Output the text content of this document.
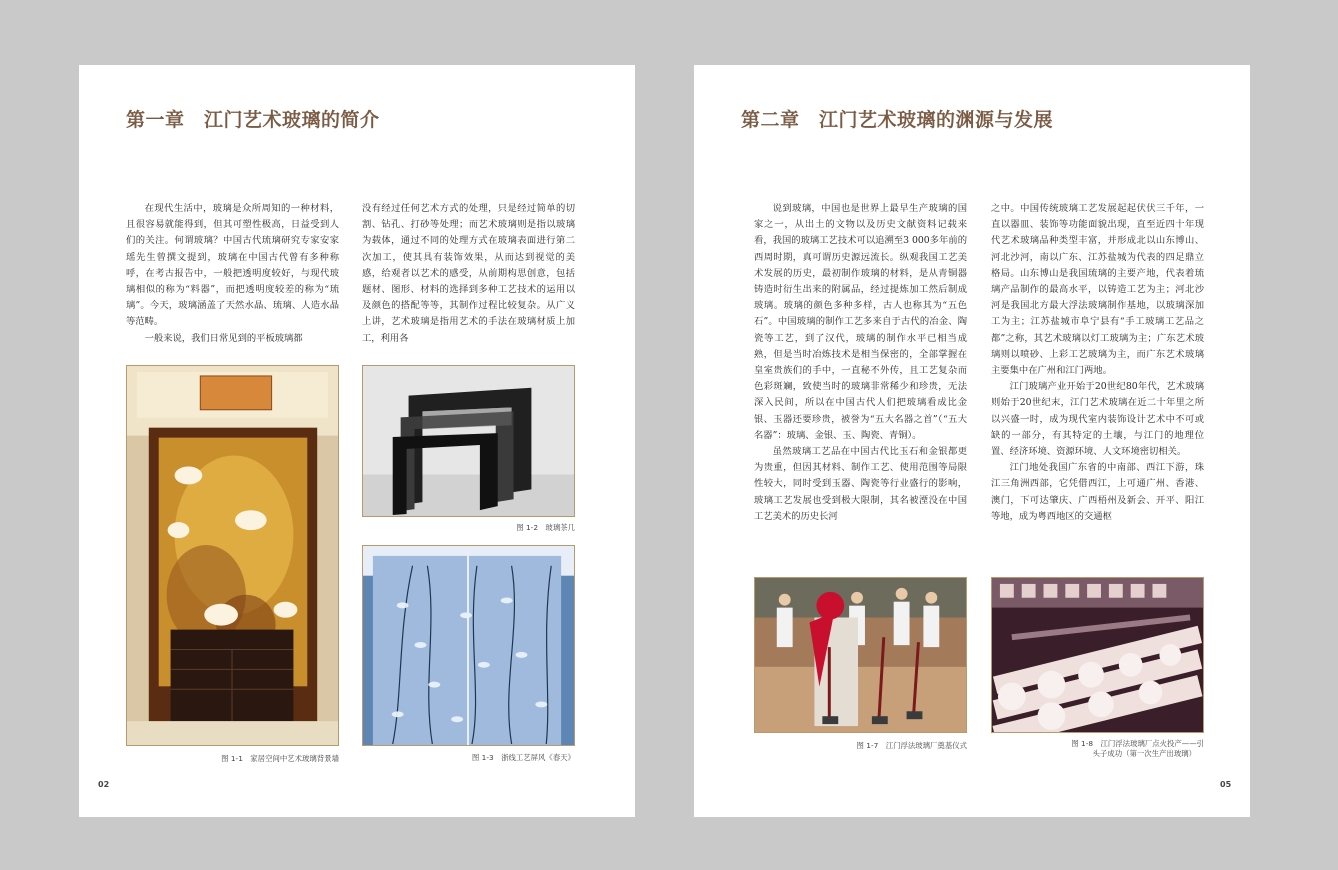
第一章　江门艺术玻璃的简介

在现代生活中，玻璃是众所周知的一种材料，且很容易就能得到，但其可塑性极高，日益受到人们的关注。何谓玻璃？中国古代琉璃研究专家安家瑶先生曾撰文提到，玻璃在中国古代曾有多种称呼，在考古报告中，一般把透明度较好，与现代玻璃相似的称为“料器”，而把透明度较差的称为“琉璃”。今天，玻璃涵盖了天然水晶、琉璃、人造水晶等范畴。

一般来说，我们日常见到的平板玻璃都

没有经过任何艺术方式的处理，只是经过简单的切割、钻孔、打砂等处理；而艺术玻璃则是指以玻璃为载体，通过不同的处理方式在玻璃表面进行第二次加工，使其具有装饰效果，从而达到视觉的美感，给观者以艺术的感受，从前期构思创意，包括题材、图形、材料的选择到多种工艺技术的运用以及颜色的搭配等等，其制作过程比较复杂。从广义上讲，艺术玻璃是指用艺术的手法在玻璃材质上加工，利用各

图 1-1　家居空间中艺术玻璃背景墙
图 1-2　玻璃茶几
图 1-3　浙线工艺屏风《春天》
02
第二章　江门艺术玻璃的渊源与发展

说到玻璃，中国也是世界上最早生产玻璃的国家之一，从出土的文物以及历史文献资料记载来看，我国的玻璃工艺技术可以追溯至3 000多年前的西周时期，真可谓历史源远流长。纵观我国工艺美术发展的历史，最初制作玻璃的材料，是从青铜器铸造时衍生出来的附属品，经过提炼加工然后制成玻璃。玻璃的颜色多种多样，古人也称其为“五色石”。中国玻璃的制作工艺多来自于古代的冶金、陶瓷等工艺，到了汉代，玻璃的制作水平已相当成熟，但是当时冶炼技术是相当保密的，全部掌握在皇室贵族们的手中，一直秘不外传，且工艺复杂而色彩斑斓，致使当时的玻璃非常稀少和珍贵，无法深入民间，所以在中国古代人们把玻璃看成比金银、玉器还要珍贵，被誉为“五大名器之首”（“五大名器”：玻璃、金银、玉、陶瓷、青铜）。

虽然玻璃工艺品在中国古代比玉石和金银都更为贵重，但因其材料、制作工艺、使用范围等局限性较大，同时受到玉器、陶瓷等行业盛行的影响，玻璃工艺发展也受到极大限制，其名被湮没在中国工艺美术的历史长河

之中。中国传统玻璃工艺发展起起伏伏三千年，一直以器皿、装饰等功能面貌出现，直至近四十年现代艺术玻璃品种类型丰富，并形成北以山东博山、河北沙河，南以广东、江苏盐城为代表的四足鼎立格局。山东博山是我国琉璃的主要产地，代表着琉璃产品制作的最高水平，以铸造工艺为主；河北沙河是我国北方最大浮法玻璃制作基地，以玻璃深加工为主；江苏盐城市阜宁县有“手工玻璃工艺品之都”之称，其艺术玻璃以灯工玻璃为主；广东艺术玻璃则以喷砂、上彩工艺玻璃为主，而广东艺术玻璃主要集中在广州和江门两地。

江门玻璃产业开始于20世纪80年代，艺术玻璃则始于20世纪末，江门艺术玻璃在近二十年里之所以兴盛一时，成为现代室内装饰设计艺术中不可或缺的一部分，有其特定的土壤，与江门的地理位置、经济环境、资源环境、人文环境密切相关。

江门地处我国广东省的中南部、西江下游，珠江三角洲西部，它凭借西江，上可通广州、香港、澳门，下可达肇庆、广西梧州及新会、开平、阳江等地，成为粤西地区的交通枢

图 1-7　江门浮法玻璃厂奠基仪式	图 1-8　江门浮法玻璃厂点火投产——引
头子成功（第一次生产出玻璃）
05
